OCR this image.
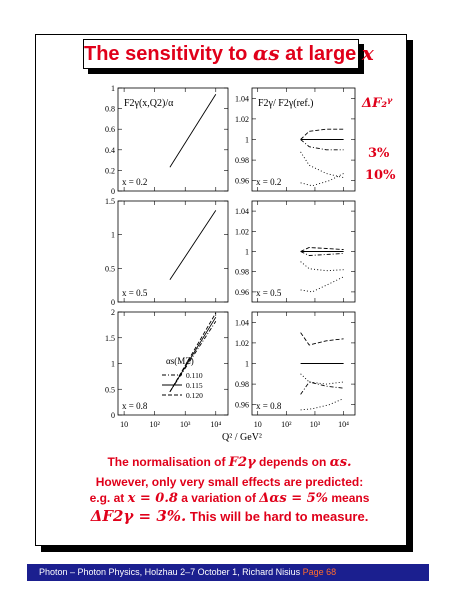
The sensitivity to αs at large x
0
0.2
0.4
0.6
0.8
1
x = 0.2
F2γ(x,Q2)/α
0
0.5
1
1.5
x = 0.5
0
0.5
1
1.5
2
x = 0.8
αs(MZ)
0.110
0.115
0.120
10	10²	10³ 10⁴
0.96
0.98
1
1.02
1.04
x = 0.2
F2γ/ F2γ(ref.)
0.96
0.98
1
1.02
1.04
x = 0.5
0.96
0.98
1
1.02
1.04
x = 0.8
10 10² 10³ 10⁴
Q² / GeV²
ΔF₂ᵞ
3%
10%
The normalisation of F2γ depends on αs.
However, only very small effects are predicted:
e.g. at x = 0.8 a variation of Δαs = 5% means
ΔF2γ = 3%. This will be hard to measure.
Photon – Photon Physics, Holzhau 2–7 October 1, Richard Nisius Page 68
